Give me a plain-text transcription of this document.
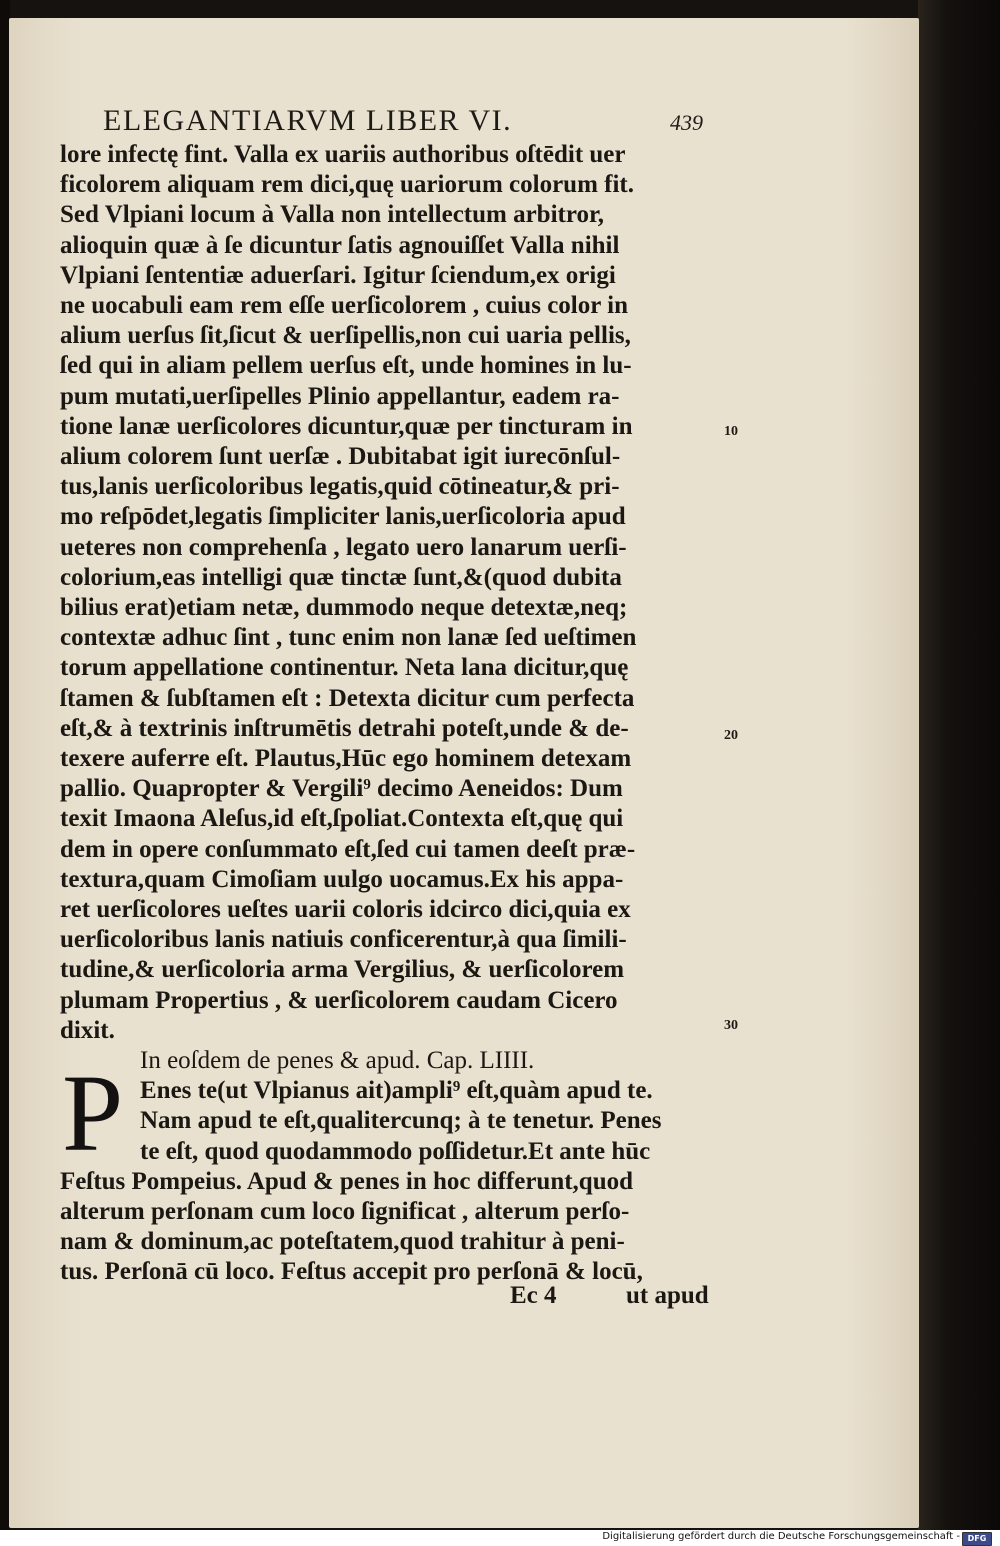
ELEGANTIARVM LIBER VI.	439
lore infectę fint. Valla ex uariis authoribus oſtēdit uer
ficolorem aliquam rem dici,quę uariorum colorum fit.
Sed Vlpiani locum à Valla non intellectum arbitror,
alioquin quæ à ſe dicuntur ſatis agnouiſſet Valla nihil
Vlpiani ſententiæ aduerſari. Igitur ſciendum,ex origi
ne uocabuli eam rem eſſe uerſicolorem , cuius color in
alium uerſus ſit,ſicut & uerſipellis,non cui uaria pellis,
ſed qui in aliam pellem uerſus eſt, unde homines in lu-
pum mutati,uerſipelles Plinio appellantur, eadem ra-
tione lanæ uerſicolores dicuntur,quæ per tincturam in
alium colorem ſunt uerſæ . Dubitabat igit iurecōnſul-
tus,lanis uerſicoloribus legatis,quid cōtineatur,& pri-
mo reſpōdet,legatis ſimpliciter lanis,uerſicoloria apud
ueteres non comprehenſa , legato uero lanarum uerſi-
colorium,eas intelligi quæ tinctæ ſunt,&(quod dubita
bilius erat)etiam netæ, dummodo neque detextæ,neq;
contextæ adhuc ſint , tunc enim non lanæ ſed ueſtimen
torum appellatione continentur. Neta lana dicitur,quę
ſtamen & ſubſtamen eſt : Detexta dicitur cum perfecta
eſt,& à textrinis inſtrumētis detrahi poteſt,unde & de-
texere auferre eſt. Plautus,Hūc ego hominem detexam
pallio. Quapropter & Vergili⁹ decimo Aeneidos: Dum
texit Imaona Aleſus,id eſt,ſpoliat.Contexta eſt,quę qui
dem in opere conſummato eſt,ſed cui tamen deeſt præ-
textura,quam Cimoſiam uulgo uocamus.Ex his appa-
ret uerſicolores ueſtes uarii coloris idcirco dici,quia ex
uerſicoloribus lanis natiuis conficerentur,à qua ſimili-
tudine,& uerſicoloria arma Vergilius, & uerſicolorem
plumam Propertius , & uerſicolorem caudam Cicero
dixit.
In eoſdem de penes & apud. Cap. LIIII.
Enes te(ut Vlpianus ait)ampli⁹ eſt,quàm apud te.
Nam apud te eſt,qualitercunq; à te tenetur. Penes
te eſt, quod quodammodo poſſidetur.Et ante hūc
Feſtus Pompeius. Apud & penes in hoc differunt,quod
alterum perſonam cum loco ſignificat , alterum perſo-
nam & dominum,ac poteſtatem,quod trahitur à peni-
tus. Perſonā cū loco. Feſtus accepit pro perſonā & locū,
P
10
20
30
Ec 4	ut apud
Digitalisierung gefördert durch die Deutsche Forschungsgemeinschaft - DFG
